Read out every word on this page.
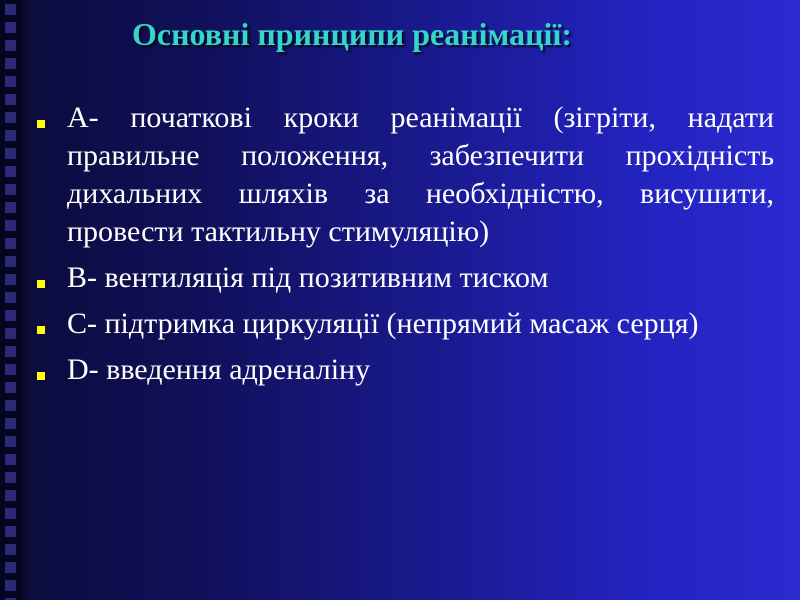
Основні принципи реанімації:
А- початкові кроки реанімації (зігріти, надати правильне положення, забезпечити прохідність дихальних шляхів за необхідністю, висушити, провести тактильну стимуляцію)
В- вентиляція під позитивним тиском
С- підтримка циркуляції (непрямий масаж серця)
D- введення адреналіну
